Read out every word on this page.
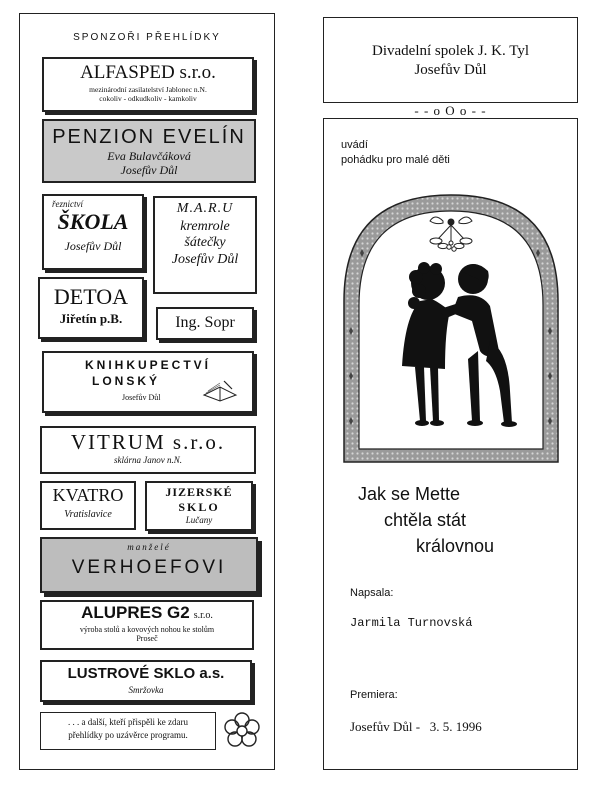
SPONZOŘI PŘEHLÍDKY
ALFASPED s.r.o.
mezinárodní zasilatelství Jablonec n.N.
cokoliv - odkudkoliv - kamkoliv
PENZION EVELÍN
Eva Bulavčáková
Josefův Důl
řeznictví
ŠKOLA
Josefův Důl
M.A.R.U
kremrole
šátečky
Josefův Důl
DETOA
Jiřetín p.B.	Ing. Sopr
KNIHKUPECTVÍ
LONSKÝ
Josefův Důl
VITRUM s.r.o.
sklárna Janov n.N.
KVATRO
Vratislavice
JIZERSKÉ
SKLO
Lučany
manželé
VERHOEFOVI
ALUPRES G2 s.r.o.
výroba stolů a kovových nohou ke stolům
Proseč
LUSTROVÉ SKLO a.s.
Smržovka
. . . a další, kteří přispěli ke zdaru
přehlídky po uzávěrce programu.
Divadelní spolek J. K. Tyl
Josefův Důl
- - o O o - -
uvádí
pohádku pro malé děti
Jak se Mette
chtěla stát
královnou
Napsala:
Jarmila Turnovská
Premiera:
Josefův Důl -   3. 5. 1996
